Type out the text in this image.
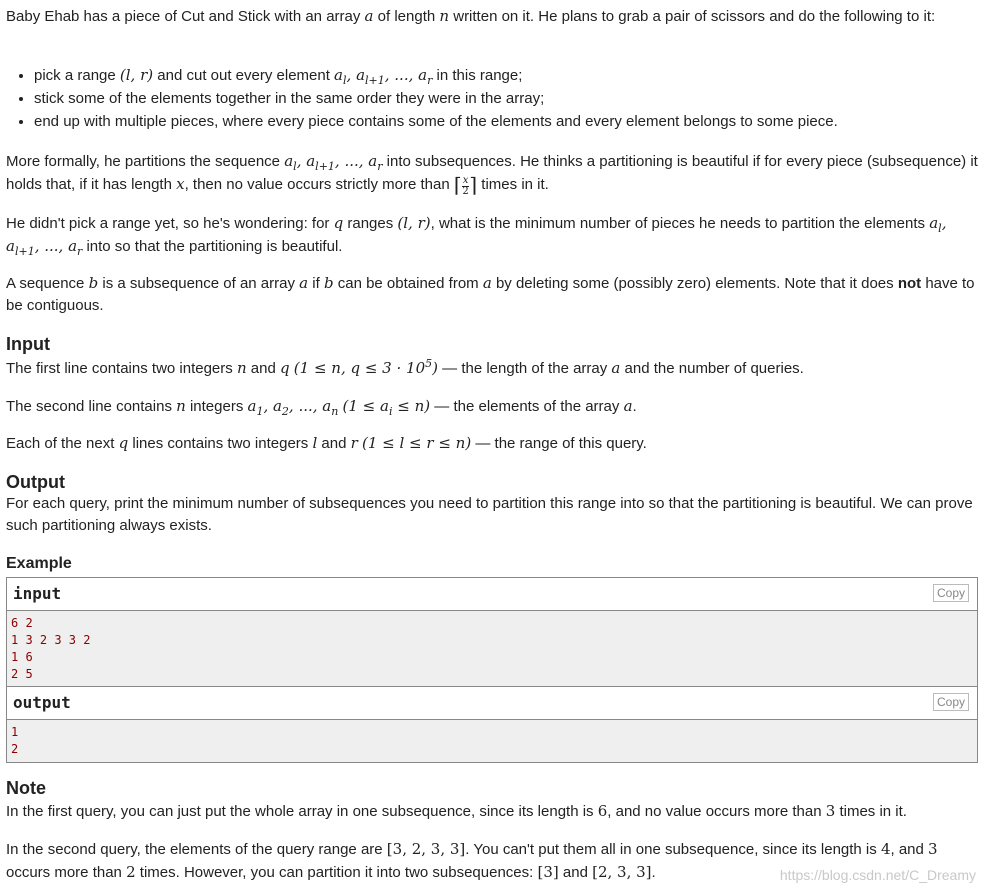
Baby Ehab has a piece of Cut and Stick with an array a of length n written on it. He plans to grab a pair of scissors and do the following to it:

• pick a range (l, r) and cut out every element $a_l$, $a_{l+1}$, ..., $a_r$ in this range;
• stick some of the elements together in the same order they were in the array;
• end up with multiple pieces, where every piece contains some of the elements and every element belongs to some piece.

More formally, he partitions the sequence $a_l$, $a_{l+1}$, ..., $a_r$ into subsequences. He thinks a partitioning is beautiful if for every piece (subsequence) it holds that, if it has length x, then no value occurs strictly more than ⌈ $\frac{x}{2}$ ⌉ times in it.

He didn't pick a range yet, so he's wondering: for q ranges (l, r), what is the minimum number of pieces he needs to partition the elements $a_l$, $a_{l+1}$, ..., $a_r$ into so that the partitioning is beautiful.

A sequence b is a subsequence of an array a if b can be obtained from a by deleting some (possibly zero) elements. Note that it does not have to be contiguous.

Input

The first line contains two integers n and q (1 ≤ n, $q \le 3 \cdot 10^5$) — the length of the array a and the number of queries.

The second line contains n integers $a_1$, $a_2$, ..., $a_n$ $(1 \le a_i \le n)$ — the elements of the array a.

Each of the next q lines contains two integers l and r (1 ≤ l ≤ r ≤ n) — the range of this query.

Output

For each query, print the minimum number of subsequences you need to partition this range into so that the partitioning is beautiful. We can prove such partitioning always exists.

Example
input	Copy
6 2
1 3 2 3 3 2
1 6
2 5
output	Copy
1
2
Note

In the first query, you can just put the whole array in one subsequence, since its length is 6, and no value occurs more than 3 times in it.

In the second query, the elements of the query range are [3, 2, 3, 3]. You can't put them all in one subsequence, since its length is 4, and 3 occurs more than 2 times. However, you can partition it into two subsequences: [3] and [2, 3, 3].	https://blog.csdn.net/C_Dreamy
